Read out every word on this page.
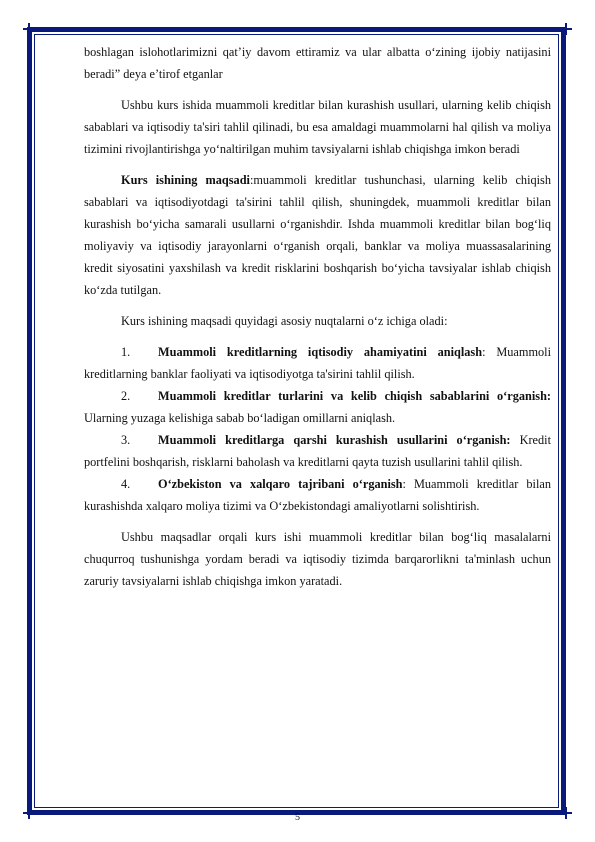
boshlagan islohotlarimizni qat’iy davom ettiramiz va ular albatta o‘zining ijobiy natijasini beradi” deya e’tirof etganlar

Ushbu kurs ishida muammoli kreditlar bilan kurashish usullari, ularning kelib chiqish sabablari va iqtisodiy ta'siri tahlil qilinadi, bu esa amaldagi muammolarni hal qilish va moliya tizimini rivojlantirishga yo‘naltirilgan muhim tavsiyalarni ishlab chiqishga imkon beradi

Kurs ishining maqsadi:muammoli kreditlar tushunchasi, ularning kelib chiqish sabablari va iqtisodiyotdagi ta'sirini tahlil qilish, shuningdek, muammoli kreditlar bilan kurashish bo‘yicha samarali usullarni o‘rganishdir. Ishda muammoli kreditlar bilan bog‘liq moliyaviy va iqtisodiy jarayonlarni o‘rganish orqali, banklar va moliya muassasalarining kredit siyosatini yaxshilash va kredit risklarini boshqarish bo‘yicha tavsiyalar ishlab chiqish ko‘zda tutilgan.

Kurs ishining maqsadi quyidagi asosiy nuqtalarni o‘z ichiga oladi:

1. Muammoli kreditlarning iqtisodiy ahamiyatini aniqlash: Muammoli kreditlarning banklar faoliyati va iqtisodiyotga ta'sirini tahlil qilish.

2. Muammoli kreditlar turlarini va kelib chiqish sabablarini o‘rganish: Ularning yuzaga kelishiga sabab bo‘ladigan omillarni aniqlash.

3. Muammoli kreditlarga qarshi kurashish usullarini o‘rganish: Kredit portfelini boshqarish, risklarni baholash va kreditlarni qayta tuzish usullarini tahlil qilish.

4. O‘zbekiston va xalqaro tajribani o‘rganish: Muammoli kreditlar bilan kurashishda xalqaro moliya tizimi va O‘zbekistondagi amaliyotlarni solishtirish.

Ushbu maqsadlar orqali kurs ishi muammoli kreditlar bilan bog‘liq masalalarni chuqurroq tushunishga yordam beradi va iqtisodiy tizimda barqarorlikni ta'minlash uchun zaruriy tavsiyalarni ishlab chiqishga imkon yaratadi.

5
